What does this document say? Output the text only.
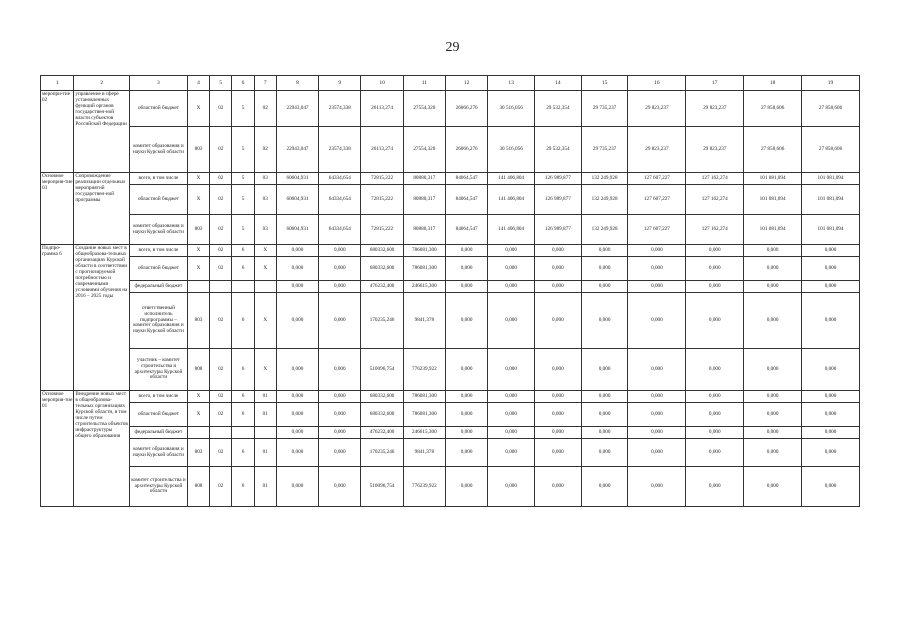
29
1	2	3	4	5	6	7	8	9	10	11	12	13	14	15	16	17	18	19
меропри-тие 02	управление в сфере установленных функций органов государствен-ной власти субъектов Российской Федерации	областной бюджет	X	02	5	02	22943,047	23574,338	26113,274	27554,320	26066,276	30 516,056	29 532,354	29 735,237	29 823,237	29 823,237	27 858,606	27 858,606
		комитет образования и науки Курской области	803	02	5	02	22943,047	23574,338	26113,274	27554,320	26066,276	30 516,056	29 532,354	29 735,237	29 823,237	29 823,237	27 858,606	27 858,606
Основное мероприя-тие 03	Сопровождение реализации отдельных мероприятий государствен-ной программы	всего, в том числе	X	02	5	03	60604,931	64334,654	72815,222	80880,317	84064,547	141 406,804	126 989,877	132 249,928	127 607,227	127 162,274	101 081,094	101 081,094
		областной бюджет	X	02	5	03	60604,931	64334,654	72815,222	80880,317	84064,547	141 406,804	126 989,877	132 249,928	127 607,227	127 162,274	101 081,094	101 081,094
		комитет образования и науки Курской области	803	02	5	03	60604,931	64334,654	72815,222	80880,317	84064,547	141 406,804	126 989,877	132 249,928	127 607,227	127 162,274	101 081,094	101 081,094
Подпро-грамма 6	Создание новых мест в общеобразова-тельных организациях Курской области в соответствии с прогнозируемой потребностью и современными условиями обучения на 2016 – 2025 годы	всего, в том числе	X	02	6	X	0,000	0,000	680332,600	786081,300	0,000	0,000	0,000	0,000	0,000	0,000	0,000	0,000
		областной бюджет	X	02	6	X	0,000	0,000	680332,600	786081,300	0,000	0,000	0,000	0,000	0,000	0,000	0,000	0,000
		федеральный бюджет					0,000	0,000	476232,400	246615,300	0,000	0,000	0,000	0,000	0,000	0,000	0,000	0,000
		ответственный исполнитель подпрограммы – комитет образования и науки Курской области	803	02	6	X	0,000	0,000	170235,246	9841,378	0,000	0,000	0,000	0,000	0,000	0,000	0,000	0,000
		участник – комитет строительства и архитектуры Курской области	808	02	6	X	0,000	0,000	510096,754	776239,922	0,000	0,000	0,000	0,000	0,000	0,000	0,000	0,000
Основное мероприя-тие 01	Внедрение новых мест в общеобразова-тельных организациях Курской области, в том числе путем строительства объектов инфраструктуры общего образования	всего, в том числе	X	02	6	01	0,000	0,000	680332,600	786081,300	0,000	0,000	0,000	0,000	0,000	0,000	0,000	0,000
		областной бюджет	X	02	6	01	0,000	0,000	680332,600	786081,300	0,000	0,000	0,000	0,000	0,000	0,000	0,000	0,000
		федеральный бюджет					0,000	0,000	476232,400	246615,300	0,000	0,000	0,000	0,000	0,000	0,000	0,000	0,000
		комитет образования и науки Курской области	803	02	6	01	0,000	0,000	170235,246	9841,378	0,000	0,000	0,000	0,000	0,000	0,000	0,000	0,000
		комитет строительства и архитектуры Курской области	808	02	6	01	0,000	0,000	510096,754	776239,922	0,000	0,000	0,000	0,000	0,000	0,000	0,000	0,000
